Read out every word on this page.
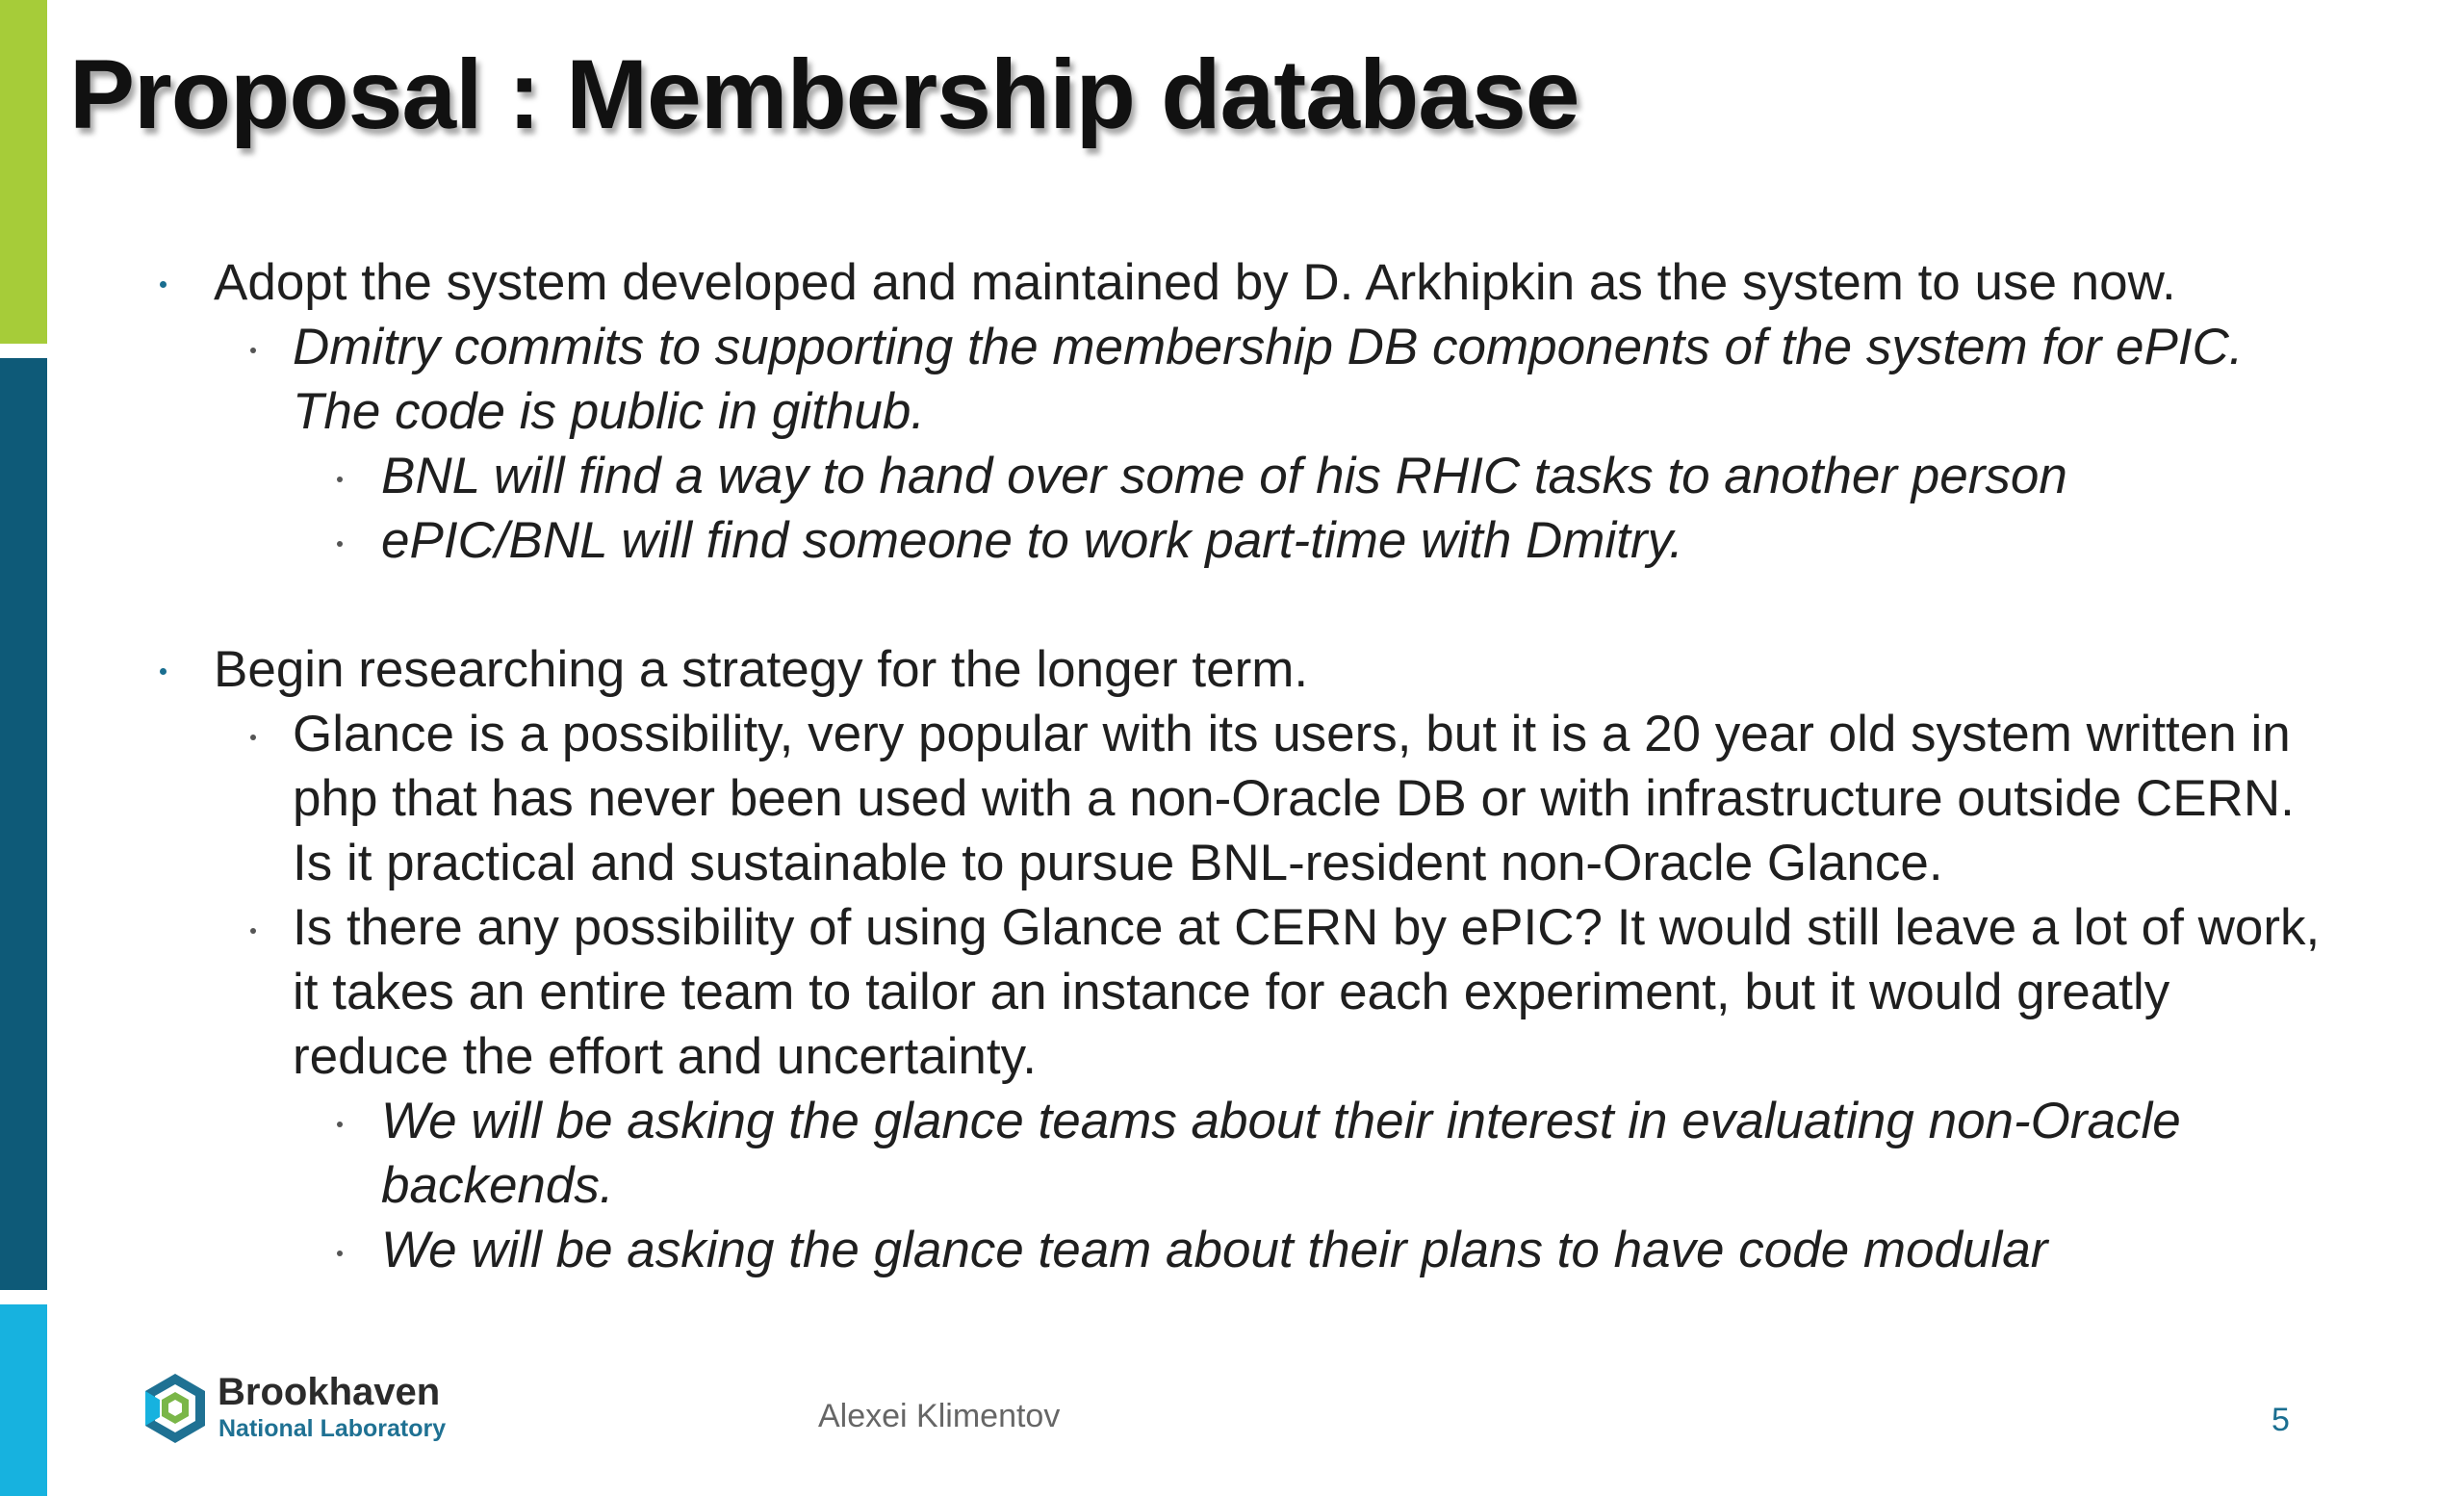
Proposal : Membership database
Adopt the system developed and maintained by D. Arkhipkin as the system to use now.
Dmitry commits to supporting the membership DB components of the system for ePIC.
The code is public in github.
BNL will find a way to hand over some of his RHIC tasks to another person
ePIC/BNL will find someone to work part-time with Dmitry.
Begin researching a strategy for the longer term.
Glance is a possibility, very popular with its users, but it is a 20 year old system written in
php that has never been used with a non-Oracle DB or with infrastructure outside CERN.
Is it practical and sustainable to pursue BNL-resident non-Oracle Glance.
Is there any possibility of using Glance at CERN by ePIC? It would still leave a lot of work,
it takes an entire team to tailor an instance for each experiment, but it would greatly
reduce the effort and uncertainty.
We will be asking the glance teams about their interest in evaluating non-Oracle
backends.
We will be asking the glance team about their plans to have code modular
Brookhaven
National Laboratory	Alexei Klimentov	5
